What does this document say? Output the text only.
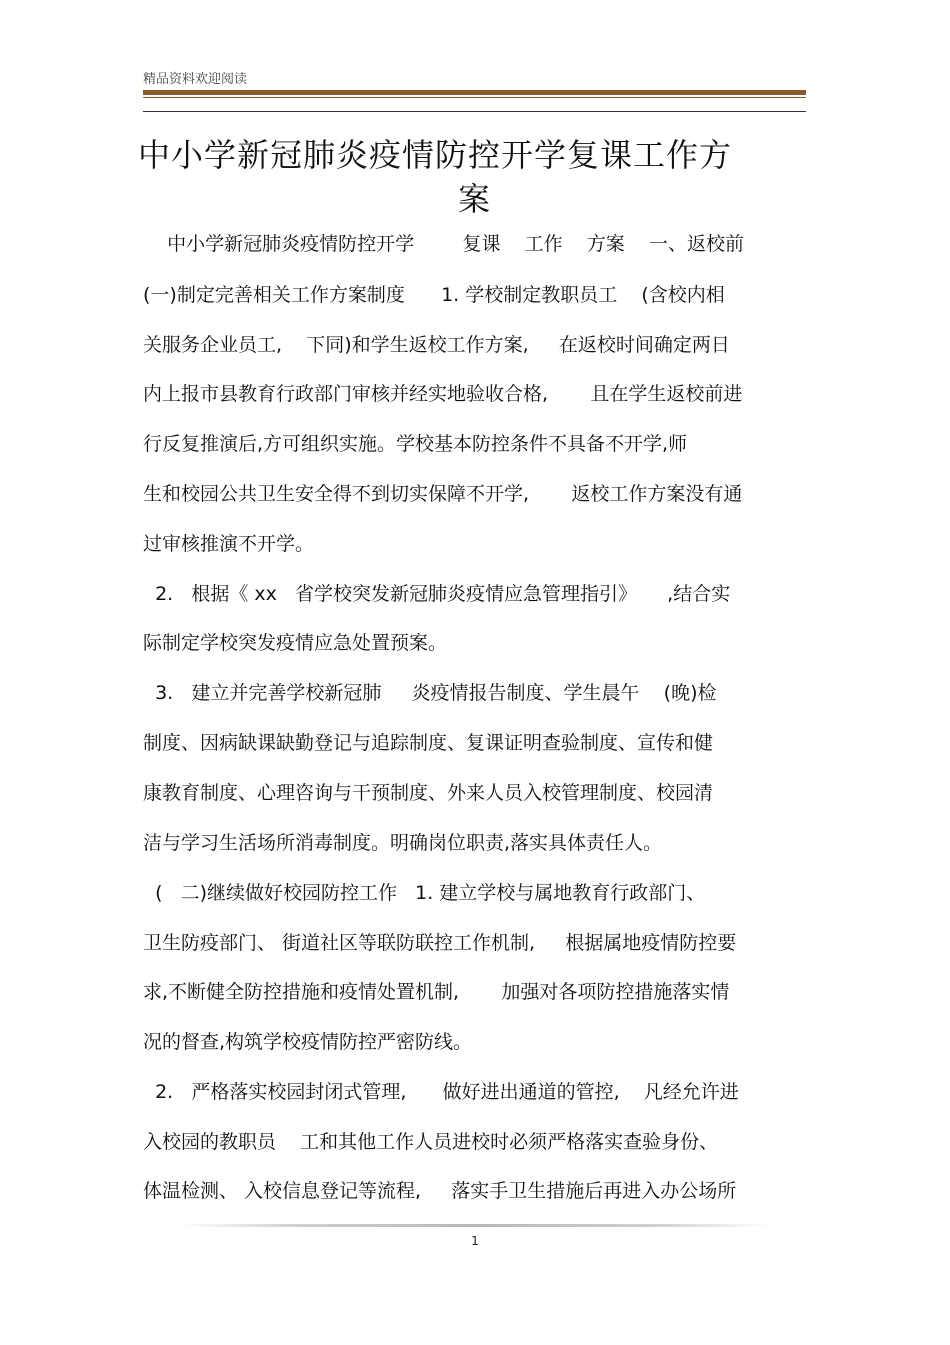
精品资料欢迎阅读
中小学新冠肺炎疫情防控开学复课工作方
案
中小学新冠肺炎疫情防控开学        复课    工作    方案    一、返校前
(一)制定完善相关工作方案制度      1. 学校制定教职员工    (含校内相
关服务企业员工,    下同)和学生返校工作方案,     在返校时间确定两日
内上报市县教育行政部门审核并经实地验收合格,       且在学生返校前进
行反复推演后,方可组织实施。学校基本防控条件不具备不开学,师
生和校园公共卫生安全得不到切实保障不开学,       返校工作方案没有通
过审核推演不开学。
2.   根据《 xx   省学校突发新冠肺炎疫情应急管理指引》     ,结合实
际制定学校突发疫情应急处置预案。
3.   建立并完善学校新冠肺     炎疫情报告制度、学生晨午    (晚)检
制度、因病缺课缺勤登记与追踪制度、复课证明查验制度、宣传和健
康教育制度、心理咨询与干预制度、外来人员入校管理制度、校园清
洁与学习生活场所消毒制度。明确岗位职责,落实具体责任人。
(   二)继续做好校园防控工作   1. 建立学校与属地教育行政部门、
卫生防疫部门、 街道社区等联防联控工作机制,     根据属地疫情防控要
求,不断健全防控措施和疫情处置机制,       加强对各项防控措施落实情
况的督查,构筑学校疫情防控严密防线。
2.   严格落实校园封闭式管理,      做好进出通道的管控,    凡经允许进
入校园的教职员    工和其他工作人员进校时必须严格落实查验身份、
体温检测、 入校信息登记等流程,     落实手卫生措施后再进入办公场所
1
